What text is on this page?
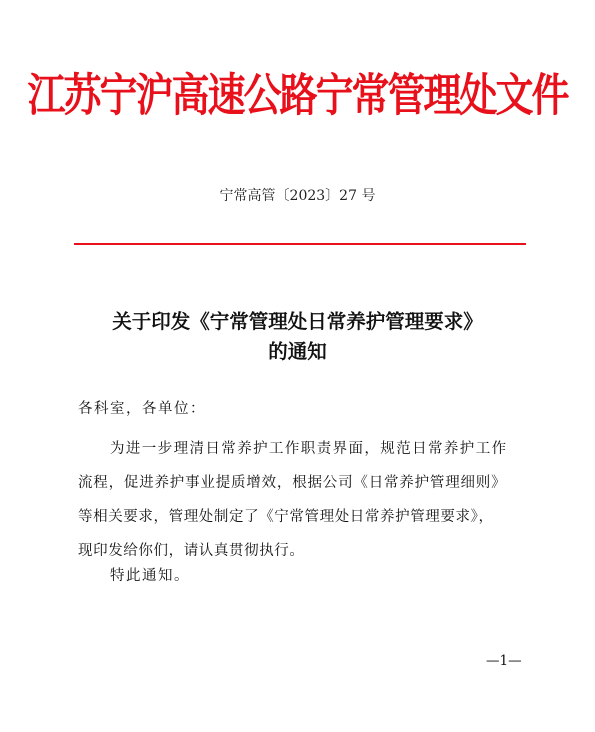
江苏宁沪高速公路宁常管理处文件
宁常高管〔2023〕27 号
关于印发《宁常管理处日常养护管理要求》
的通知
各科室，各单位：
为进一步理清日常养护工作职责界面，规范日常养护工作
流程，促进养护事业提质增效，根据公司《日常养护管理细则》
等相关要求，管理处制定了《宁常管理处日常养护管理要求》，
现印发给你们，请认真贯彻执行。
特此通知。
—1—
